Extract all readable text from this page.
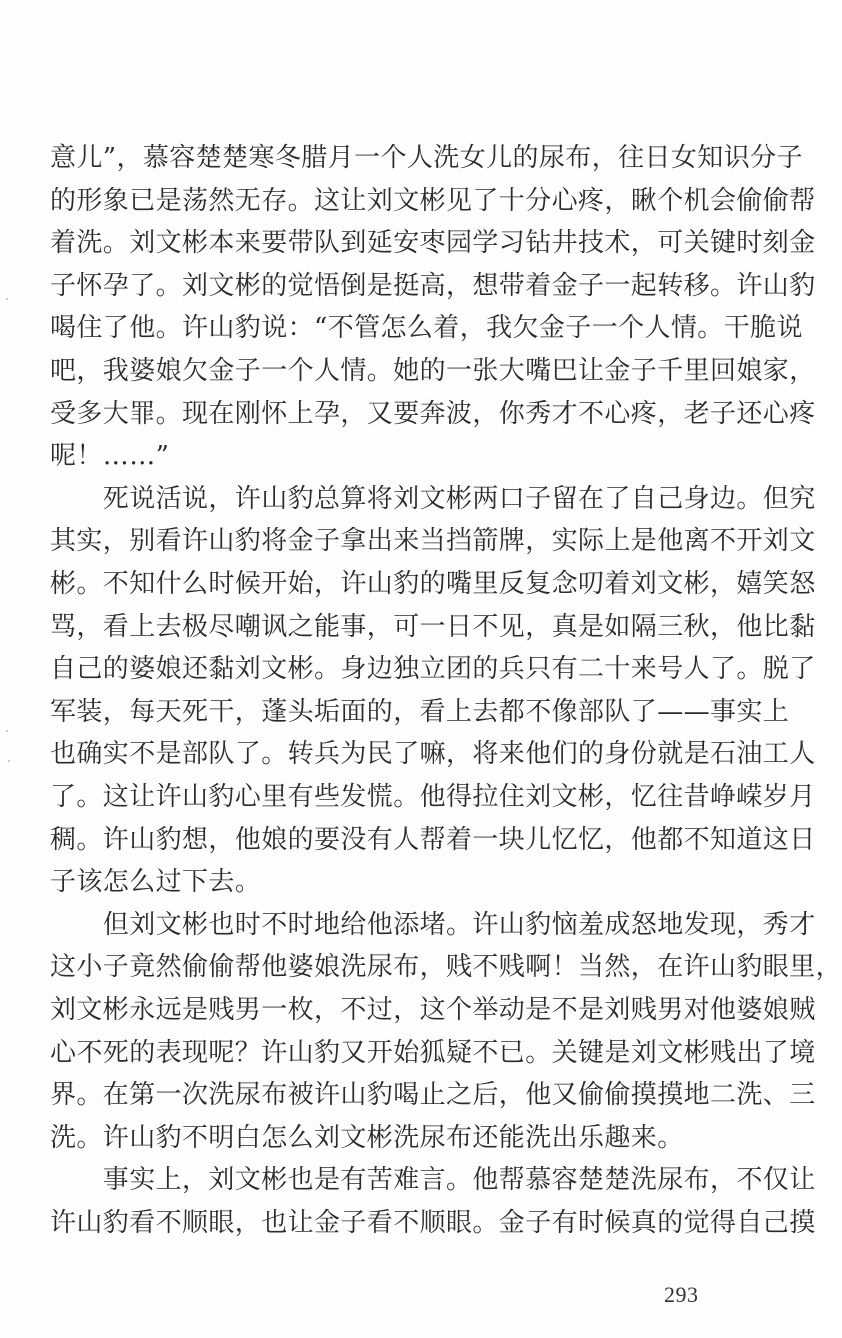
意儿”，慕容楚楚寒冬腊月一个人洗女儿的尿布，往日女知识分子
的形象已是荡然无存。这让刘文彬见了十分心疼，瞅个机会偷偷帮
着洗。刘文彬本来要带队到延安枣园学习钻井技术，可关键时刻金
子怀孕了。刘文彬的觉悟倒是挺高，想带着金子一起转移。许山豹
喝住了他。许山豹说：“不管怎么着，我欠金子一个人情。干脆说
吧，我婆娘欠金子一个人情。她的一张大嘴巴让金子千里回娘家，
受多大罪。现在刚怀上孕，又要奔波，你秀才不心疼，老子还心疼
呢！……”
　　死说活说，许山豹总算将刘文彬两口子留在了自己身边。但究
其实，别看许山豹将金子拿出来当挡箭牌，实际上是他离不开刘文
彬。不知什么时候开始，许山豹的嘴里反复念叨着刘文彬，嬉笑怒
骂，看上去极尽嘲讽之能事，可一日不见，真是如隔三秋，他比黏
自己的婆娘还黏刘文彬。身边独立团的兵只有二十来号人了。脱了
军装，每天死干，蓬头垢面的，看上去都不像部队了——事实上
也确实不是部队了。转兵为民了嘛，将来他们的身份就是石油工人
了。这让许山豹心里有些发慌。他得拉住刘文彬，忆往昔峥嵘岁月
稠。许山豹想，他娘的要没有人帮着一块儿忆忆，他都不知道这日
子该怎么过下去。
　　但刘文彬也时不时地给他添堵。许山豹恼羞成怒地发现，秀才
这小子竟然偷偷帮他婆娘洗尿布，贱不贱啊！当然，在许山豹眼里，
刘文彬永远是贱男一枚，不过，这个举动是不是刘贱男对他婆娘贼
心不死的表现呢？许山豹又开始狐疑不已。关键是刘文彬贱出了境
界。在第一次洗尿布被许山豹喝止之后，他又偷偷摸摸地二洗、三
洗。许山豹不明白怎么刘文彬洗尿布还能洗出乐趣来。
　　事实上，刘文彬也是有苦难言。他帮慕容楚楚洗尿布，不仅让
许山豹看不顺眼，也让金子看不顺眼。金子有时候真的觉得自己摸
293
